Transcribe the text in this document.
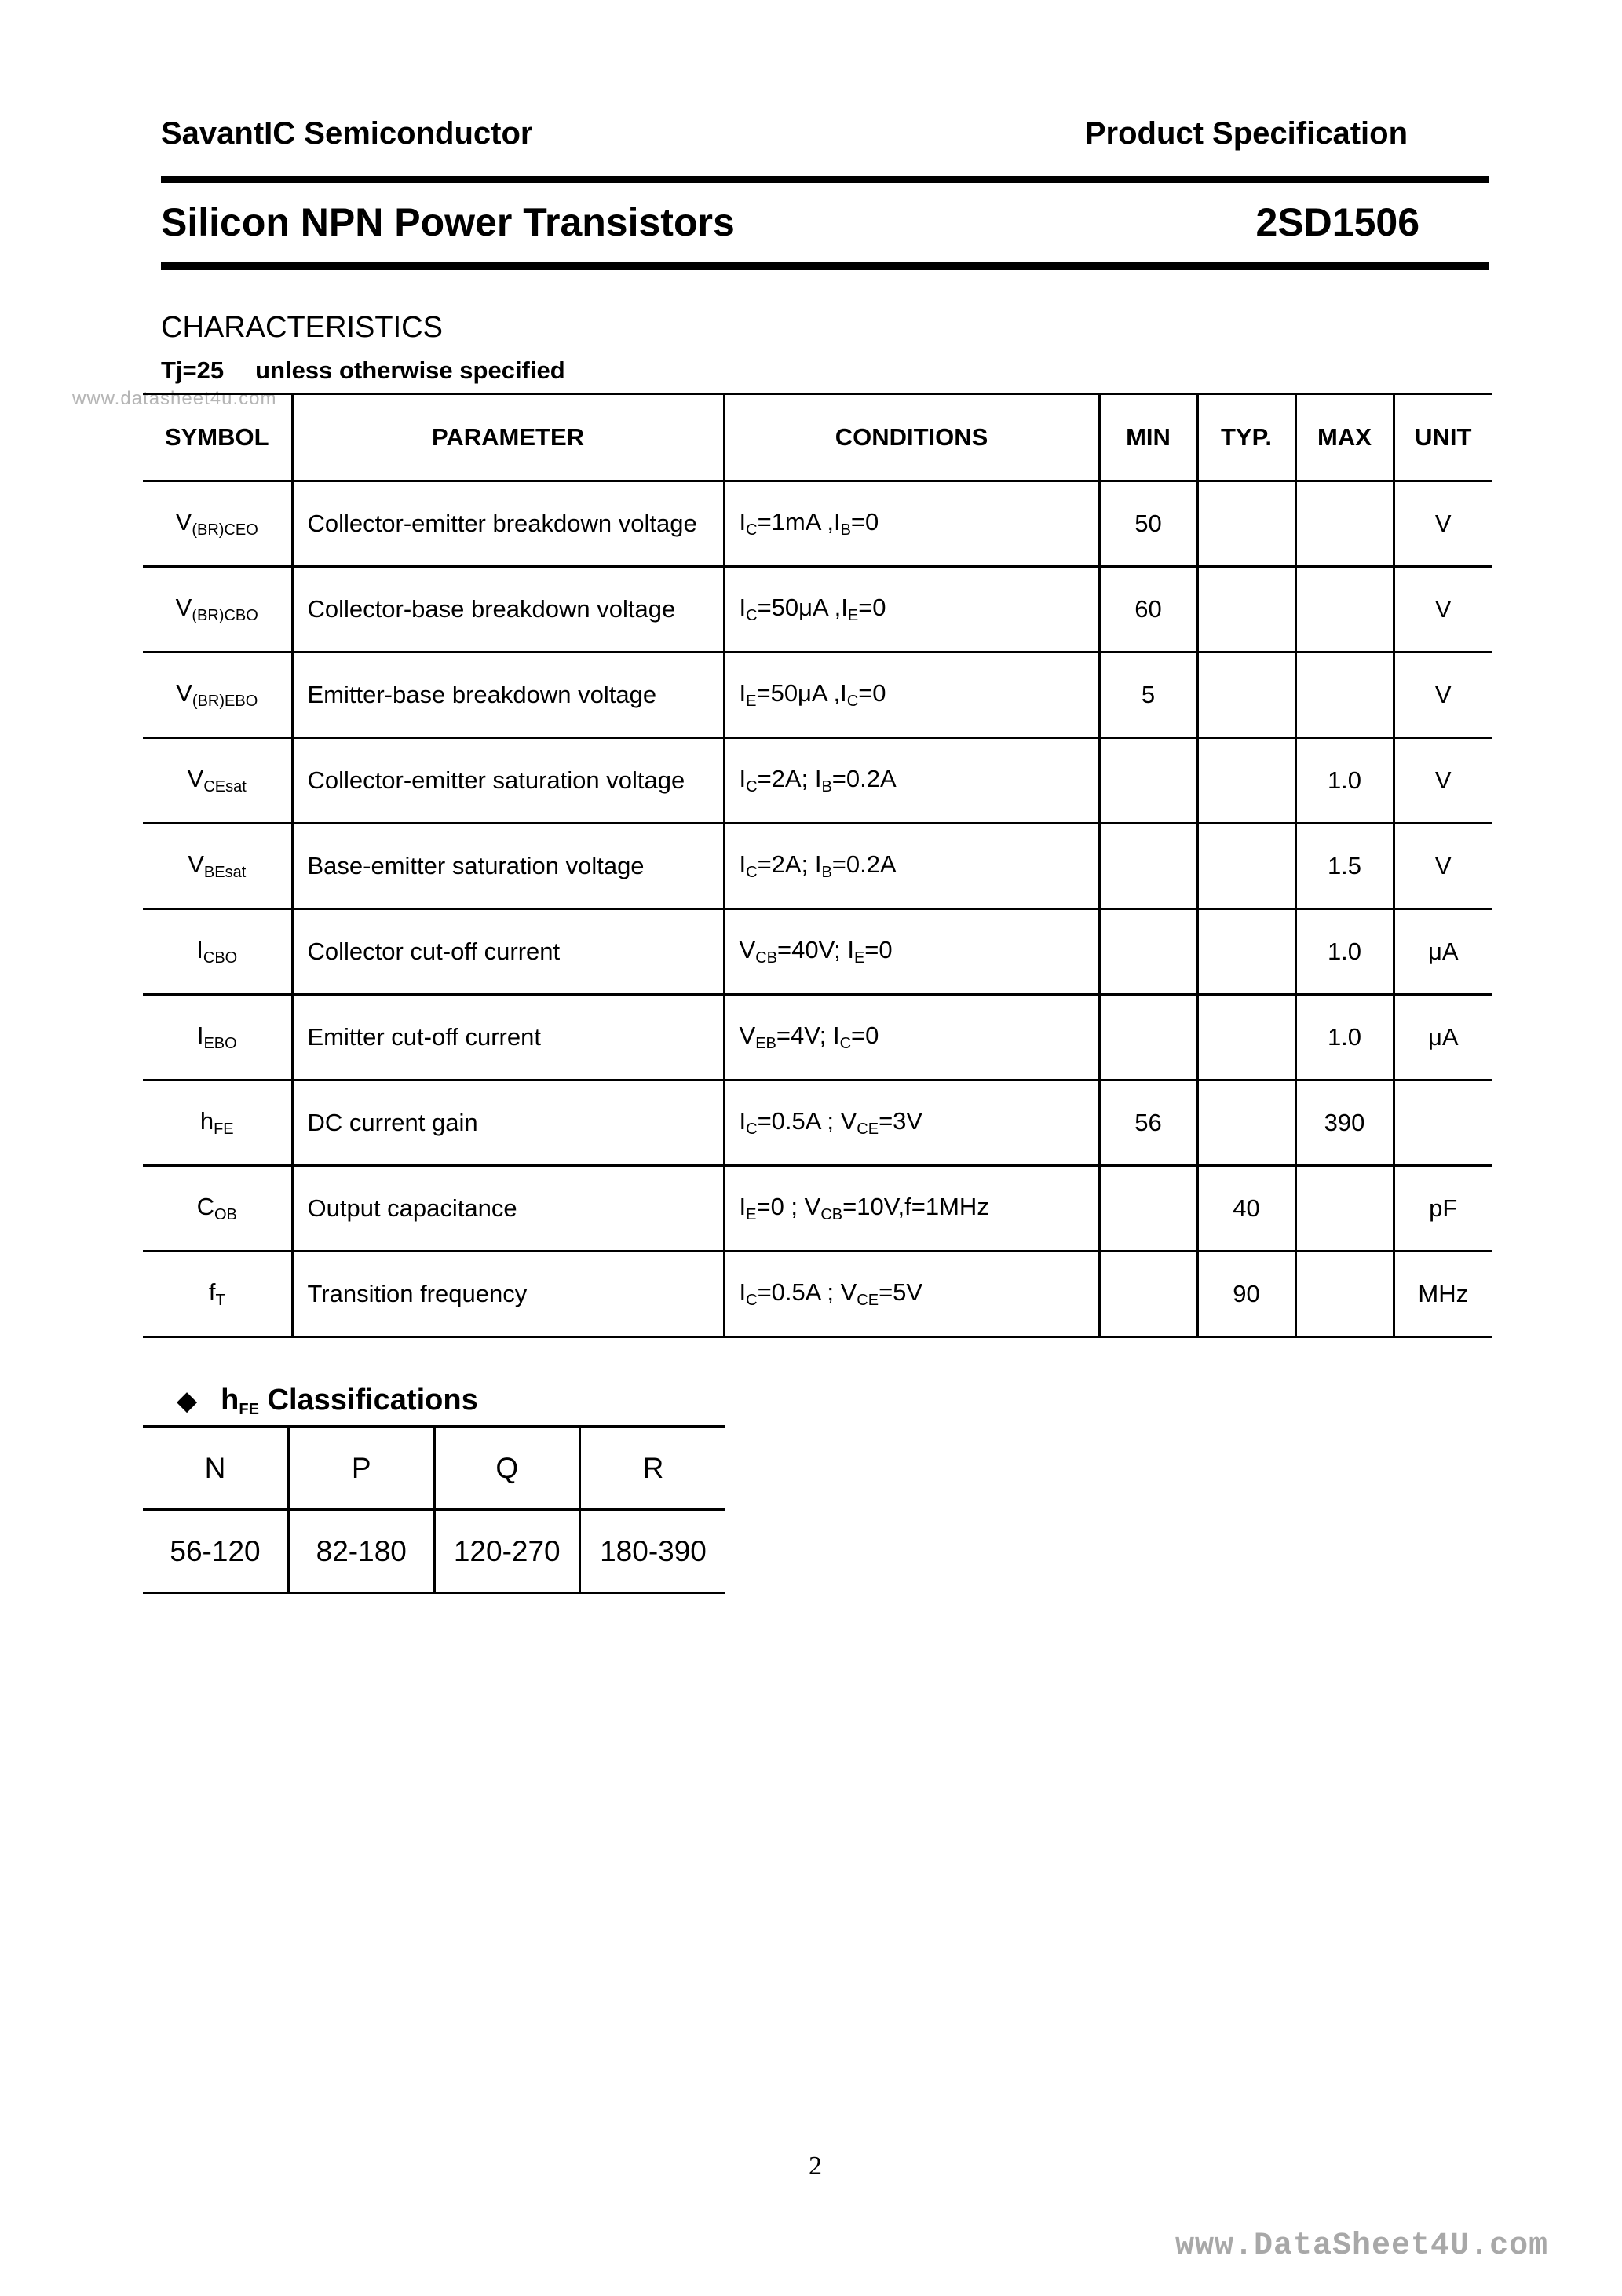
SavantIC Semiconductor	Product Specification
Silicon NPN Power Transistors	2SD1506
CHARACTERISTICS
Tj=25 unless otherwise specified
www.datasheet4u.com
SYMBOL	PARAMETER	CONDITIONS	MIN	TYP.	MAX	UNIT
$V_{(BR)CEO}$	Collector-emitter breakdown voltage	$I_C=1mA$ $,I_B=0$	50			V
$V_{(BR)CBO}$	Collector-base breakdown voltage	$I_C=50\mu A$ $,I_E=0$	60			V
$V_{(BR)EBO}$	Emitter-base breakdown voltage	$I_E=50\mu A$ $,I_C=0$	5			V
$V_{CEsat}$	Collector-emitter saturation voltage	$I_C=2A$; $I_B=0.2A$			1.0	V
$V_{BEsat}$	Base-emitter saturation voltage	$I_C=2A$; $I_B=0.2A$			1.5	V
$I_{CBO}$	Collector cut-off current	$V_{CB}=40V$; $I_E=0$			1.0	μA
$I_{EBO}$	Emitter cut-off current	$V_{EB}=4V$; $I_C=0$			1.0	μA
$h_{FE}$	DC current gain	$I_C=0.5A$ ; $V_{CE}=3V$	56		390	
$C_{OB}$	Output capacitance	$I_E=0$ ; $V_{CB}=10V,f=1MHz$		40		pF
$f_T$	Transition frequency	$I_C=0.5A$ ; $V_{CE}=5V$		90		MHz
◆ $h_{FE}$ Classifications
N	P	Q	R
56-120	82-180	120-270	180-390
2
www.DataSheet4U.com
